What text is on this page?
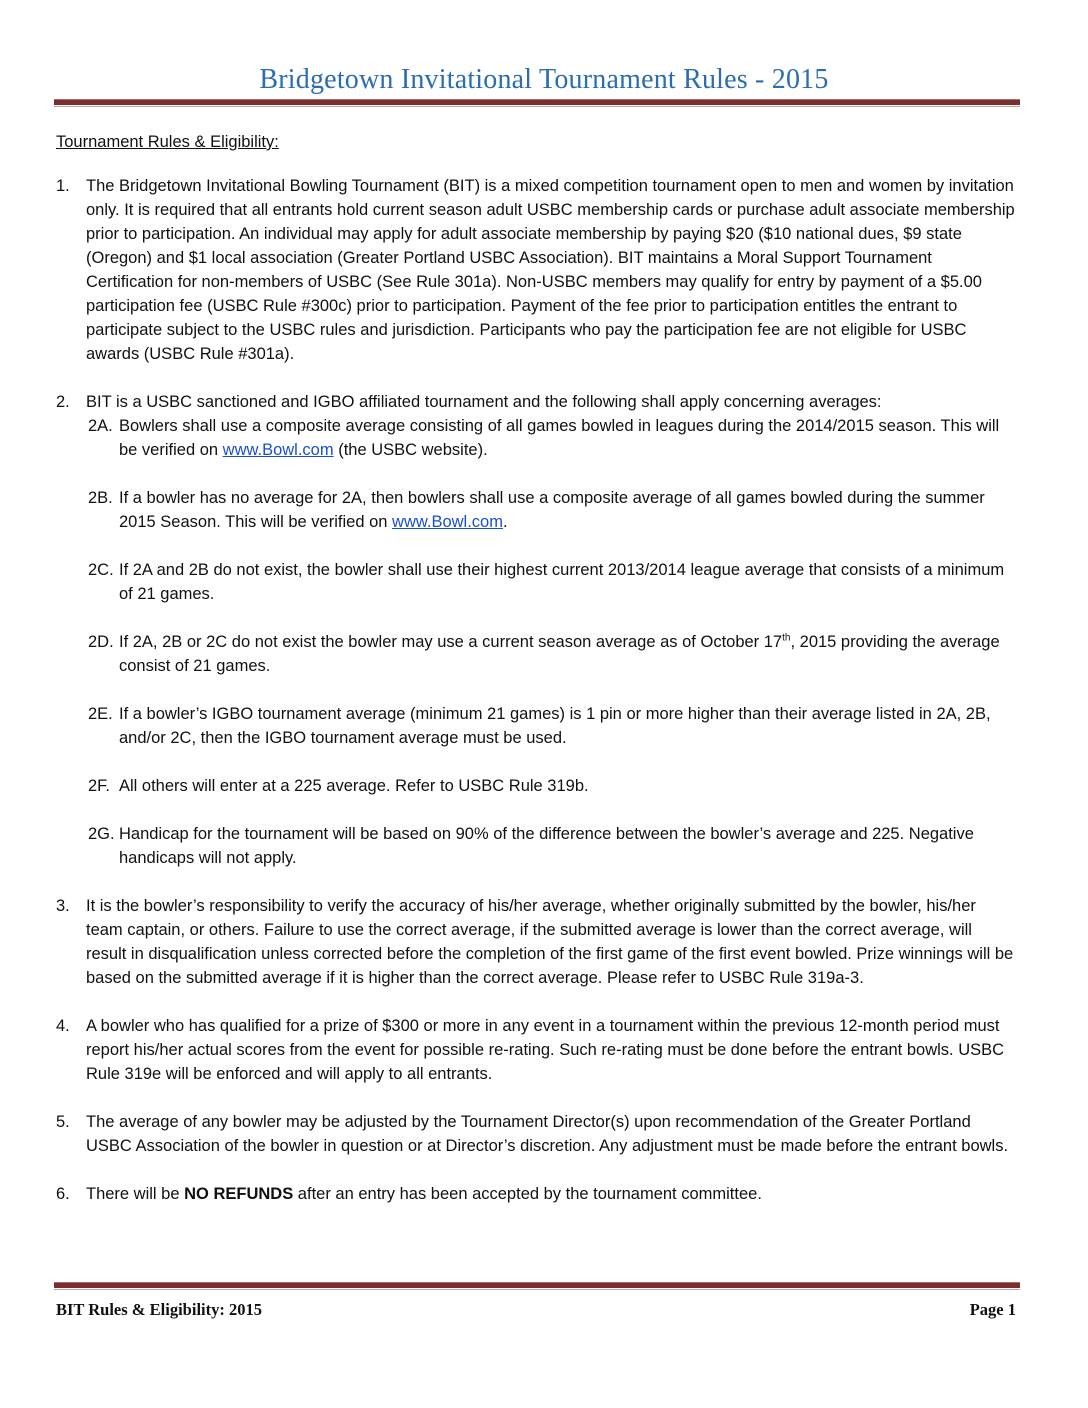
Bridgetown Invitational Tournament Rules - 2015
Tournament Rules & Eligibility:
1. The Bridgetown Invitational Bowling Tournament (BIT) is a mixed competition tournament open to men and women by invitation only. It is required that all entrants hold current season adult USBC membership cards or purchase adult associate membership prior to participation. An individual may apply for adult associate membership by paying $20 ($10 national dues, $9 state (Oregon) and $1 local association (Greater Portland USBC Association). BIT maintains a Moral Support Tournament Certification for non-members of USBC (See Rule 301a). Non-USBC members may qualify for entry by payment of a $5.00 participation fee (USBC Rule #300c) prior to participation. Payment of the fee prior to participation entitles the entrant to participate subject to the USBC rules and jurisdiction. Participants who pay the participation fee are not eligible for USBC awards (USBC Rule #301a).
2. BIT is a USBC sanctioned and IGBO affiliated tournament and the following shall apply concerning averages:
2A. Bowlers shall use a composite average consisting of all games bowled in leagues during the 2014/2015 season. This will be verified on www.Bowl.com (the USBC website).
2B. If a bowler has no average for 2A, then bowlers shall use a composite average of all games bowled during the summer 2015 Season. This will be verified on www.Bowl.com.
2C. If 2A and 2B do not exist, the bowler shall use their highest current 2013/2014 league average that consists of a minimum of 21 games.
2D. If 2A, 2B or 2C do not exist the bowler may use a current season average as of October 17th, 2015 providing the average consist of 21 games.
2E. If a bowler’s IGBO tournament average (minimum 21 games) is 1 pin or more higher than their average listed in 2A, 2B, and/or 2C, then the IGBO tournament average must be used.
2F. All others will enter at a 225 average. Refer to USBC Rule 319b.
2G. Handicap for the tournament will be based on 90% of the difference between the bowler’s average and 225. Negative handicaps will not apply.
3. It is the bowler’s responsibility to verify the accuracy of his/her average, whether originally submitted by the bowler, his/her team captain, or others. Failure to use the correct average, if the submitted average is lower than the correct average, will result in disqualification unless corrected before the completion of the first game of the first event bowled. Prize winnings will be based on the submitted average if it is higher than the correct average. Please refer to USBC Rule 319a-3.
4. A bowler who has qualified for a prize of $300 or more in any event in a tournament within the previous 12-month period must report his/her actual scores from the event for possible re-rating. Such re-rating must be done before the entrant bowls. USBC Rule 319e will be enforced and will apply to all entrants.
5. The average of any bowler may be adjusted by the Tournament Director(s) upon recommendation of the Greater Portland USBC Association of the bowler in question or at Director’s discretion. Any adjustment must be made before the entrant bowls.
6. There will be NO REFUNDS after an entry has been accepted by the tournament committee.
BIT Rules & Eligibility: 2015	Page 1
